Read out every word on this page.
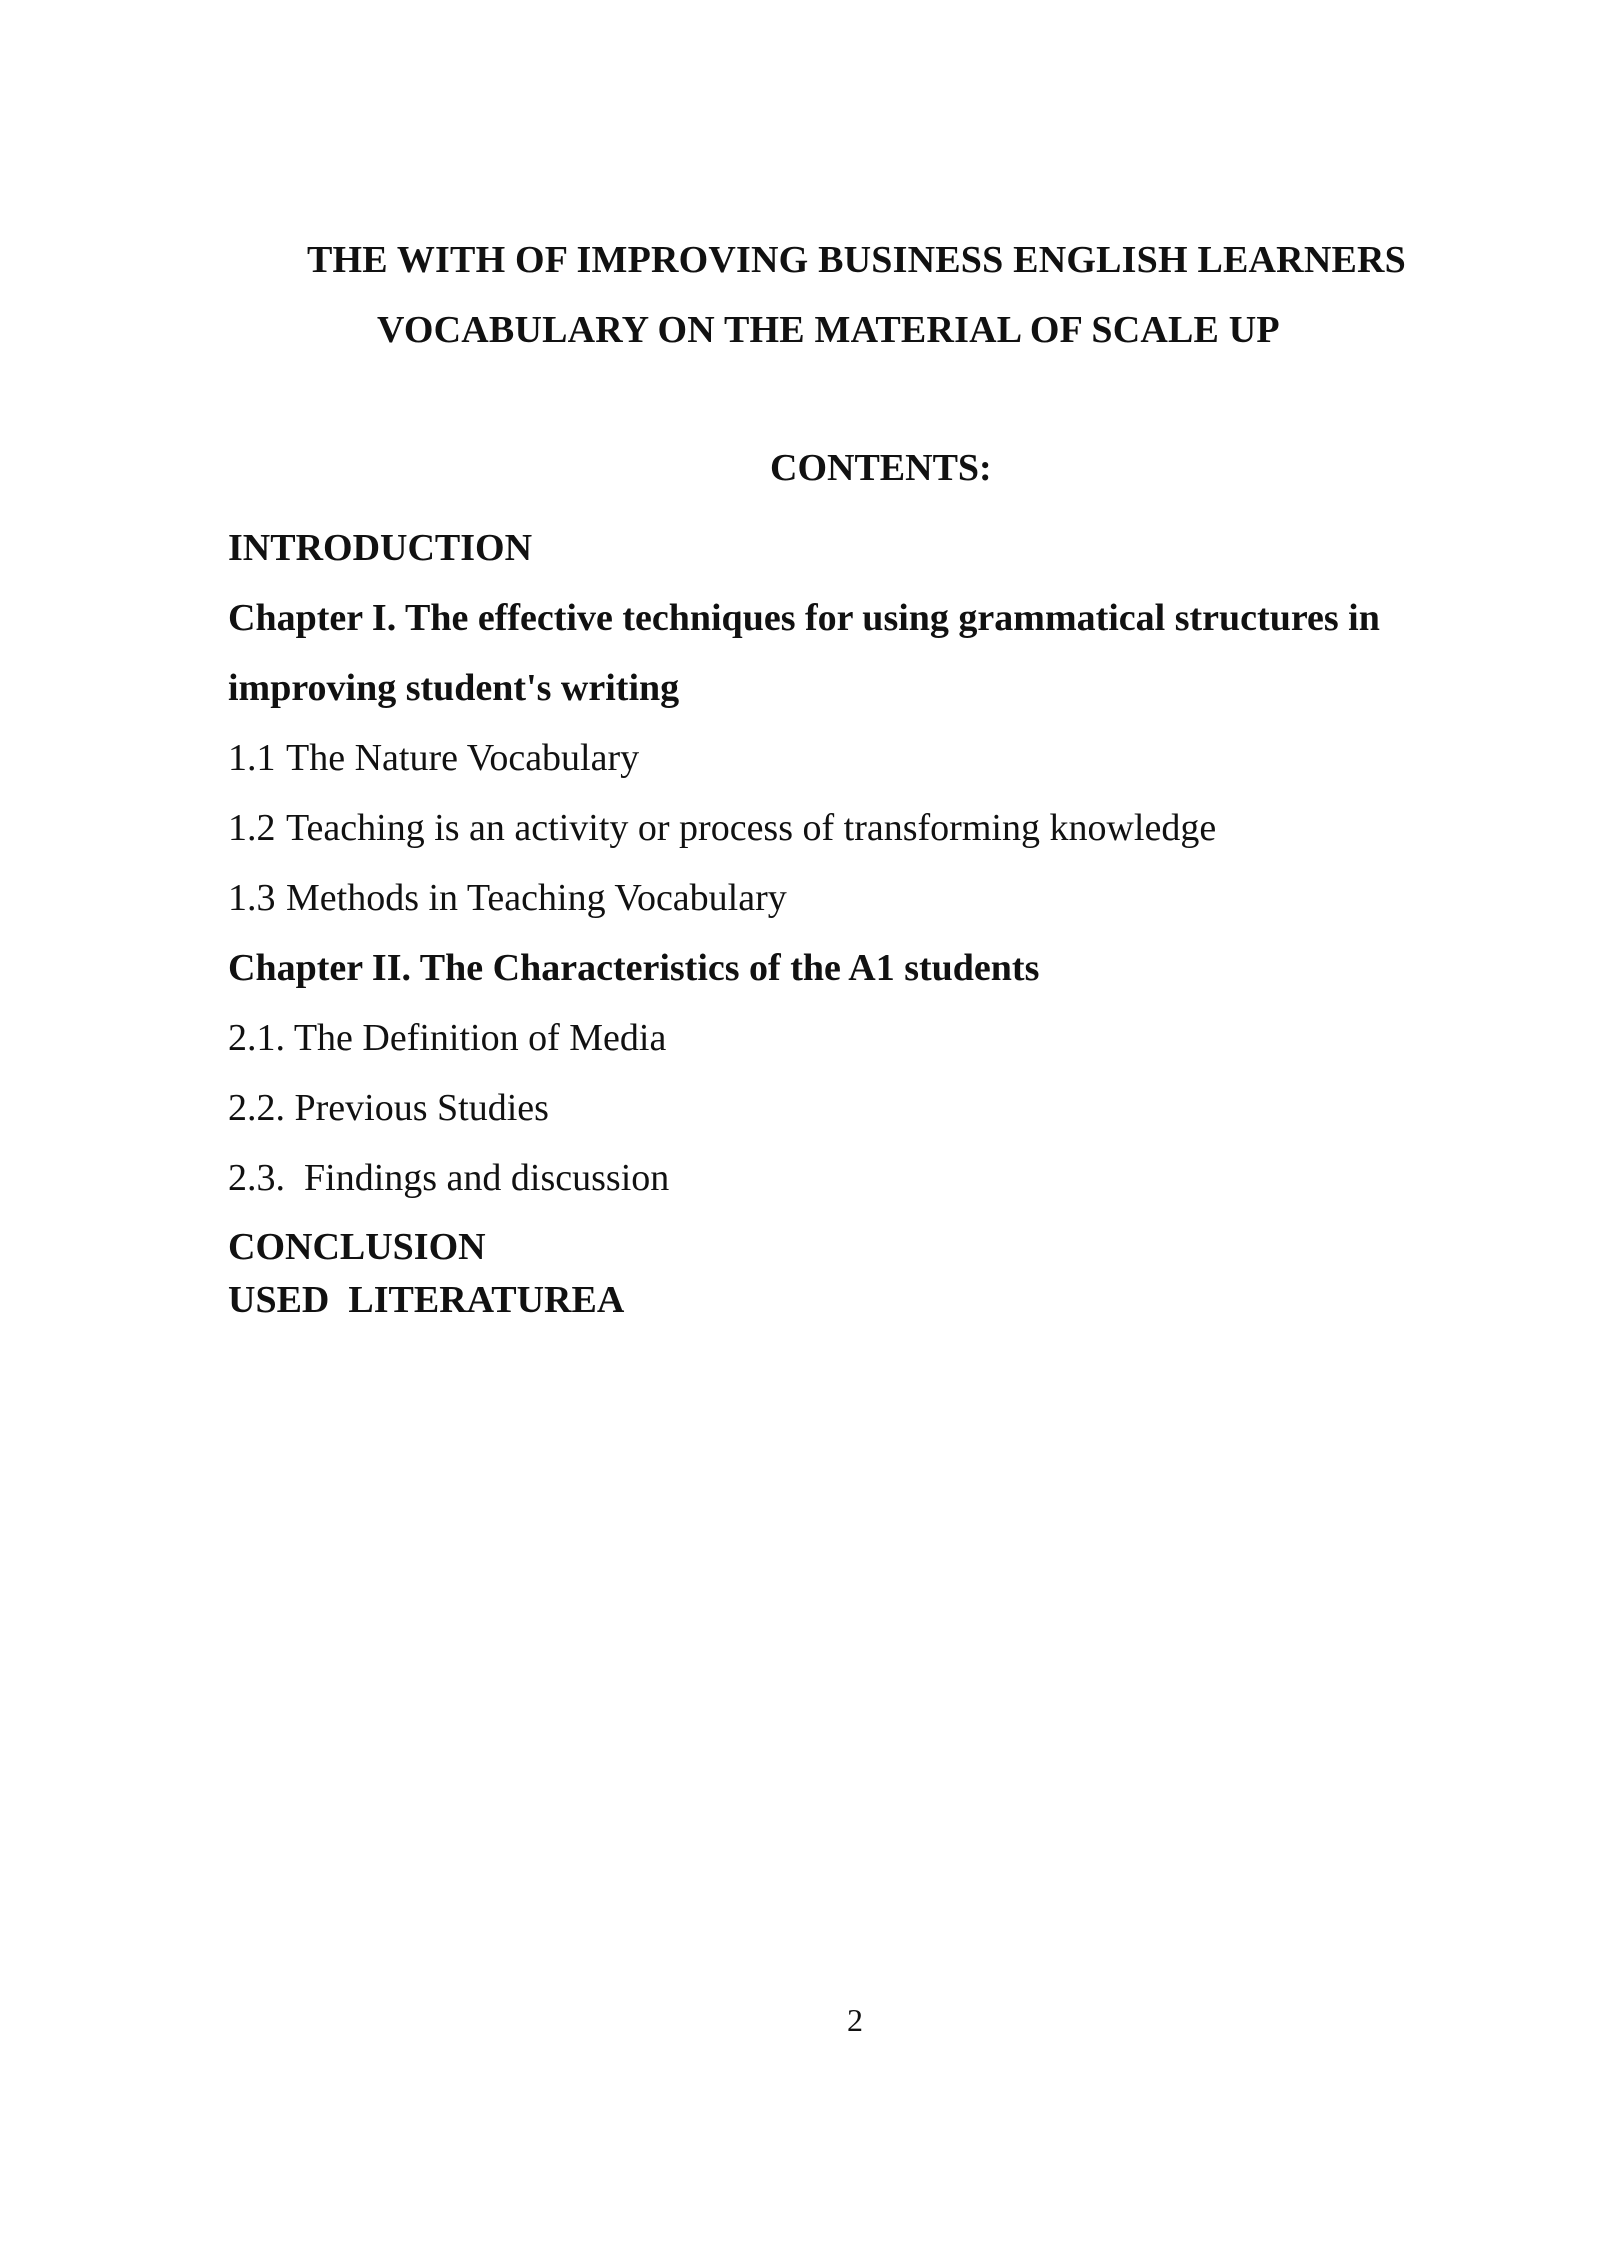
THE WITH OF IMPROVING BUSINESS ENGLISH LEARNERS
VOCABULARY ON THE MATERIAL OF SCALE UP
CONTENTS:
INTRODUCTION
Chapter I. The effective techniques for using grammatical structures in
improving student's writing
1.1 The Nature Vocabulary
1.2 Teaching is an activity or process of transforming knowledge
1.3 Methods in Teaching Vocabulary
Chapter II. The Characteristics of the A1 students
2.1. The Definition of Media
2.2. Previous Studies
2.3.  Findings and discussion
CONCLUSION
USED  LITERATUREA
2
